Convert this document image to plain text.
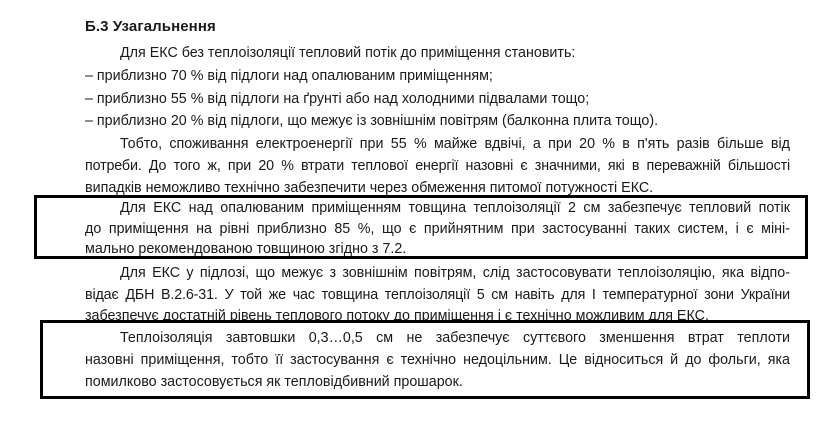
Б.3 Узагальнення
Для ЕКС без теплоізоляції тепловий потік до приміщення становить:
– приблизно 70 % від підлоги над опалюваним приміщенням;
– приблизно 55 % від підлоги на ґрунті або над холодними підвалами тощо;
– приблизно 20 % від підлоги, що межує із зовнішнім повітрям (балконна плита тощо).
Тобто, споживання електроенергії при 55 % майже вдвічі, а при 20 % в п'ять разів більше від
потреби. До того ж, при 20 % втрати теплової енергії назовні є значними, які в переважній більшості
випадків неможливо технічно забезпечити через обмеження питомої потужності ЕКС.
Для ЕКС над опалюваним приміщенням товщина теплоізоляції 2 см забезпечує тепловий потік
до приміщення на рівні приблизно 85 %, що є прийнятним при застосуванні таких систем, і є міні-
мально рекомендованою товщиною згідно з 7.2.
Для ЕКС у підлозі, що межує з зовнішнім повітрям, слід застосовувати теплоізоляцію, яка відпо-
відає ДБН В.2.6-31. У той же час товщина теплоізоляції 5 см навіть для І температурної зони України
забезпечує достатній рівень теплового потоку до приміщення і є технічно можливим для ЕКС.
Теплоізоляція завтовшки 0,3…0,5 см не забезпечує суттєвого зменшення втрат теплоти
назовні приміщення, тобто її застосування є технічно недоцільним. Це відноситься й до фольги, яка
помилково застосовується як тепловідбивний прошарок.
